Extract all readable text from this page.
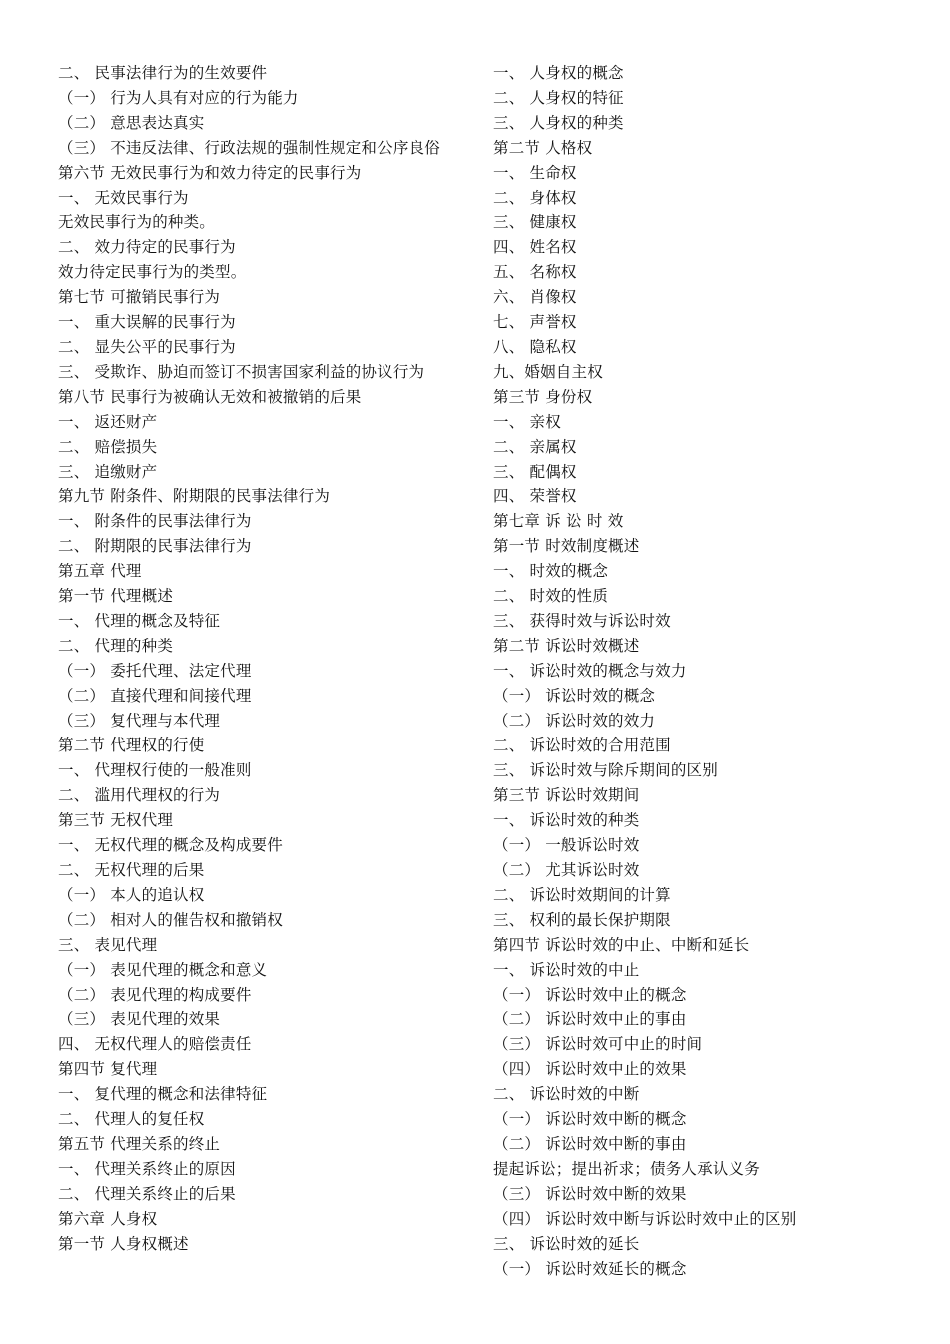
二、 民事法律行为的生效要件
（一） 行为人具有对应的行为能力
（二） 意思表达真实
（三） 不违反法律、行政法规的强制性规定和公序良俗
第六节 无效民事行为和效力待定的民事行为
一、 无效民事行为
无效民事行为的种类。
二、 效力待定的民事行为
效力待定民事行为的类型。
第七节 可撤销民事行为
一、 重大误解的民事行为
二、 显失公平的民事行为
三、 受欺诈、胁迫而签订不损害国家利益的协议行为
第八节 民事行为被确认无效和被撤销的后果
一、 返还财产
二、 赔偿损失
三、 追缴财产
第九节 附条件、附期限的民事法律行为
一、 附条件的民事法律行为
二、 附期限的民事法律行为
第五章 代理
第一节 代理概述
一、 代理的概念及特征
二、 代理的种类
（一） 委托代理、法定代理
（二） 直接代理和间接代理
（三） 复代理与本代理
第二节 代理权的行使
一、 代理权行使的一般准则
二、 滥用代理权的行为
第三节 无权代理
一、 无权代理的概念及构成要件
二、 无权代理的后果
（一） 本人的追认权
（二） 相对人的催告权和撤销权
三、 表见代理
（一） 表见代理的概念和意义
（二） 表见代理的构成要件
（三） 表见代理的效果
四、 无权代理人的赔偿责任
第四节 复代理
一、 复代理的概念和法律特征
二、 代理人的复任权
第五节 代理关系的终止
一、 代理关系终止的原因
二、 代理关系终止的后果
第六章 人身权
第一节 人身权概述
一、 人身权的概念
二、 人身权的特征
三、 人身权的种类
第二节 人格权
一、 生命权
二、 身体权
三、 健康权
四、 姓名权
五、 名称权
六、 肖像权
七、 声誉权
八、 隐私权
九、婚姻自主权
第三节 身份权
一、 亲权
二、 亲属权
三、 配偶权
四、 荣誉权
第七章 诉 讼 时 效
第一节 时效制度概述
一、 时效的概念
二、 时效的性质
三、 获得时效与诉讼时效
第二节 诉讼时效概述
一、 诉讼时效的概念与效力
（一） 诉讼时效的概念
（二） 诉讼时效的效力
二、 诉讼时效的合用范围
三、 诉讼时效与除斥期间的区别
第三节 诉讼时效期间
一、 诉讼时效的种类
（一） 一般诉讼时效
（二） 尤其诉讼时效
二、 诉讼时效期间的计算
三、 权利的最长保护期限
第四节 诉讼时效的中止、中断和延长
一、 诉讼时效的中止
（一） 诉讼时效中止的概念
（二） 诉讼时效中止的事由
（三） 诉讼时效可中止的时间
（四） 诉讼时效中止的效果
二、 诉讼时效的中断
（一） 诉讼时效中断的概念
（二） 诉讼时效中断的事由
提起诉讼；提出祈求；债务人承认义务
（三） 诉讼时效中断的效果
（四） 诉讼时效中断与诉讼时效中止的区别
三、 诉讼时效的延长
（一） 诉讼时效延长的概念
